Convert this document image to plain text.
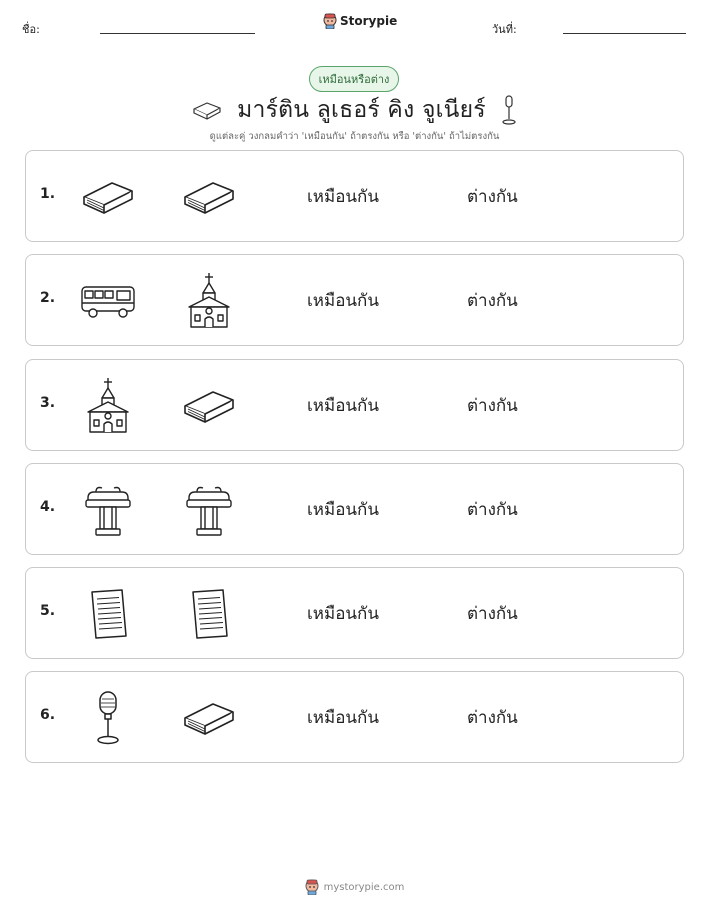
ชื่อ:
Storypie
วันที่:
เหมือนหรือต่าง
มาร์ติน ลูเธอร์ คิง จูเนียร์
ดูแต่ละคู่ วงกลมคำว่า 'เหมือนกัน' ถ้าตรงกัน หรือ 'ต่างกัน' ถ้าไม่ตรงกัน
1.	เหมือนกัน	ต่างกัน
2.	เหมือนกัน	ต่างกัน
3.	เหมือนกัน	ต่างกัน
4.	เหมือนกัน	ต่างกัน
5.	เหมือนกัน	ต่างกัน
6.	เหมือนกัน	ต่างกัน
mystorypie.com
